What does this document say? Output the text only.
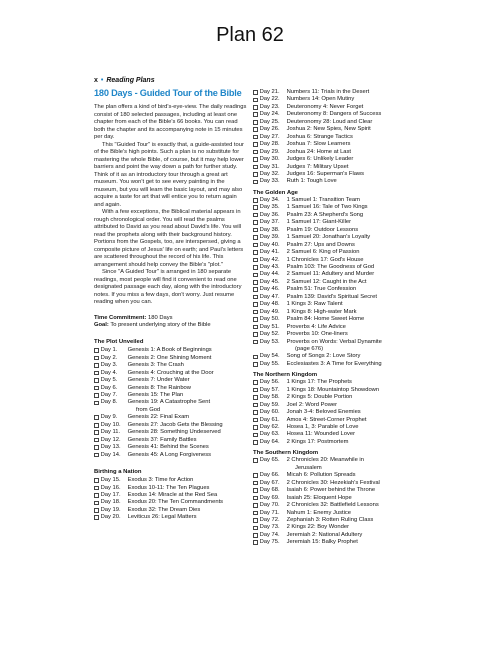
Plan 62
x • Reading Plans
180 Days - Guided Tour of the Bible

The plan offers a kind of bird's-eye-view. The daily readings consist of 180 selected passages, including at least one chapter from each of the Bible's 66 books. You can read both the chapter and its accompanying note in 15 minutes per day.

This "Guided Tour" is exactly that, a guide-assisted tour of the Bible's high points. Such a plan is no substitute for mastering the whole Bible, of course, but it may help lower barriers and point the way down a path for further study. Think of it as an introductory tour through a great art museum. You won't get to see every painting in the museum, but you will learn the basic layout, and may also acquire a taste for art that will entice you to return again and again.

With a few exceptions, the Biblical material appears in rough chronological order. You will read the psalms attributed to David as you read about David's life. You will read the prophets along with their background history. Portions from the Gospels, too, are interspersed, giving a composite picture of Jesus' life on earth; and Paul's letters are scattered throughout the record of his life. This arrangement should help convey the Bible's "plot."

Since "A Guided Tour" is arranged in 180 separate readings, most people will find it convenient to read one designated passage each day, along with the introductory notes. If you miss a few days, don't worry. Just resume reading when you can.

Time Commitment: 180 Days
Goal: To present underlying story of the Bible
The Plot Unveiled
Day 1.	Genesis 1: A Book of Beginnings
Day 2.	Genesis 2: One Shining Moment
Day 3.	Genesis 3: The Crash
Day 4.	Genesis 4: Crouching at the Door
Day 5.	Genesis 7: Under Water
Day 6.	Genesis 8: The Rainbow
Day 7.	Genesis 15: The Plan
Day 8.	Genesis 19: A Catastrophe Sent
from God
Day 9.	Genesis 22: Final Exam
Day 10.	Genesis 27: Jacob Gets the Blessing
Day 11.	Genesis 28: Something Undeserved
Day 12.	Genesis 37: Family Battles
Day 13.	Genesis 41: Behind the Scenes
Day 14.	Genesis 45: A Long Forgiveness
Birthing a Nation
Day 15.	Exodus 3: Time for Action
Day 16.	Exodus 10-11: The Ten Plagues
Day 17.	Exodus 14: Miracle at the Red Sea
Day 18.	Exodus 20: The Ten Commandments
Day 19.	Exodus 32: The Dream Dies
Day 20.	Leviticus 26: Legal Matters
Day 21.	Numbers 11: Trials in the Desert
Day 22.	Numbers 14: Open Mutiny
Day 23.	Deuteronomy 4: Never Forget
Day 24.	Deuteronomy 8: Dangers of Success
Day 25.	Deuteronomy 28: Loud and Clear
Day 26.	Joshua 2: New Spies, New Spirit
Day 27.	Joshua 6: Strange Tactics
Day 28.	Joshua 7: Slow Learners
Day 29.	Joshua 24: Home at Last
Day 30.	Judges 6: Unlikely Leader
Day 31.	Judges 7: Military Upset
Day 32.	Judges 16: Superman's Flaws
Day 33.	Ruth 1: Tough Love
The Golden Age
Day 34.	1 Samuel 1: Transition Team
Day 35.	1 Samuel 16: Tale of Two Kings
Day 36.	Psalm 23: A Shepherd's Song
Day 37.	1 Samuel 17: Giant-Killer
Day 38.	Psalm 19: Outdoor Lessons
Day 39.	1 Samuel 20: Jonathan's Loyalty
Day 40.	Psalm 27: Ups and Downs
Day 41.	2 Samuel 6: King of Passion
Day 42.	1 Chronicles 17: God's House
Day 43.	Psalm 103: The Goodness of God
Day 44.	2 Samuel 11: Adultery and Murder
Day 45.	2 Samuel 12: Caught in the Act
Day 46.	Psalm 51: True Confession
Day 47.	Psalm 139: David's Spiritual Secret
Day 48.	1 Kings 3: Raw Talent
Day 49.	1 Kings 8: High-water Mark
Day 50.	Psalm 84: Home Sweet Home
Day 51.	Proverbs 4: Life Advice
Day 52.	Proverbs 10: One-liners
Day 53.	Proverbs on Words: Verbal Dynamite
(page 676)
Day 54.	Song of Songs 2: Love Story
Day 55.	Ecclesiastes 3: A Time for Everything
The Northern Kingdom
Day 56.	1 Kings 17: The Prophets
Day 57.	1 Kings 18: Mountaintop Showdown
Day 58.	2 Kings 5: Double Portion
Day 59.	Joel 2: Word Power
Day 60.	Jonah 3-4: Beloved Enemies
Day 61.	Amos 4: Street-Corner Prophet
Day 62.	Hosea 1, 3: Parable of Love
Day 63.	Hosea 11: Wounded Lover
Day 64.	2 Kings 17: Postmortem
The Southern Kingdom
Day 65.	2 Chronicles 20: Meanwhile in
Jerusalem
Day 66.	Micah 6: Pollution Spreads
Day 67.	2 Chronicles 30: Hezekiah's Festival
Day 68.	Isaiah 6: Power behind the Throne
Day 69.	Isaiah 25: Eloquent Hope
Day 70.	2 Chronicles 32: Battlefield Lessons
Day 71.	Nahum 1: Enemy Justice
Day 72.	Zephaniah 3: Rotten Ruling Class
Day 73.	2 Kings 22: Boy Wonder
Day 74.	Jeremiah 2: National Adultery
Day 75.	Jeremiah 15: Balky Prophet
